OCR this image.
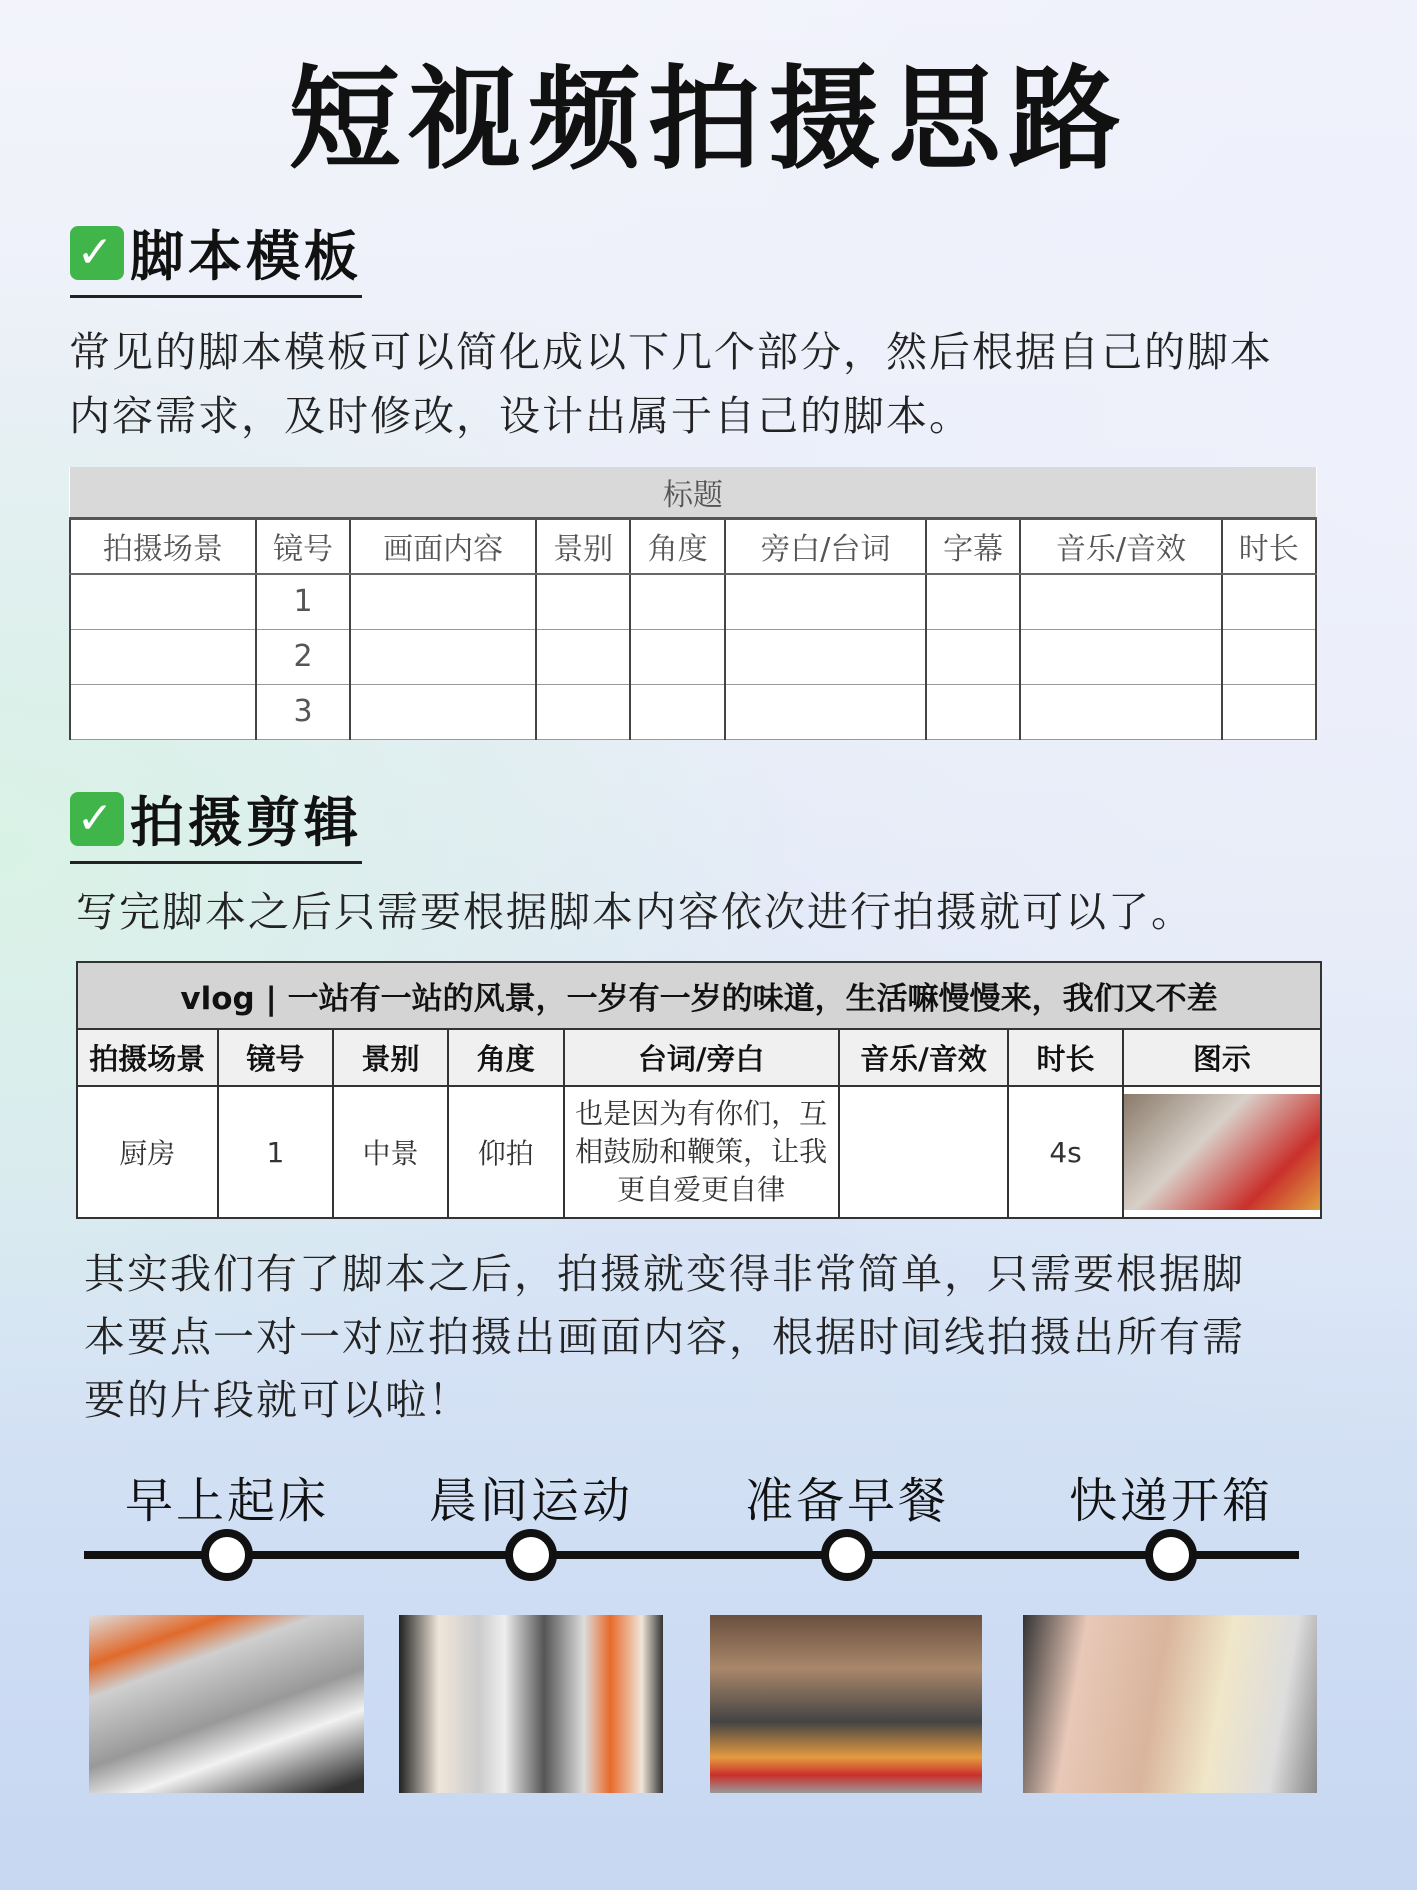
短视频拍摄思路
✓ 脚本模板
常见的脚本模板可以简化成以下几个部分，然后根据自己的脚本
内容需求，及时修改，设计出属于自己的脚本。
标题								
拍摄场景	镜号	画面内容	景别	角度	旁白/台词	字幕	音乐/音效	时长
	1							
	2							
	3							
✓ 拍摄剪辑
写完脚本之后只需要根据脚本内容依次进行拍摄就可以了。
vlog | 一站有一站的风景，一岁有一岁的味道，生活嘛慢慢来，我们又不差							
拍摄场景	镜号	景别	角度	台词/旁白	音乐/音效	时长	图示
厨房	1	中景	仰拍	也是因为有你们，互相鼓励和鞭策，让我更自爱更自律		4s	
其实我们有了脚本之后，拍摄就变得非常简单，只需要根据脚
本要点一对一对应拍摄出画面内容，根据时间线拍摄出所有需
要的片段就可以啦！
早上起床 晨间运动 准备早餐 快递开箱
